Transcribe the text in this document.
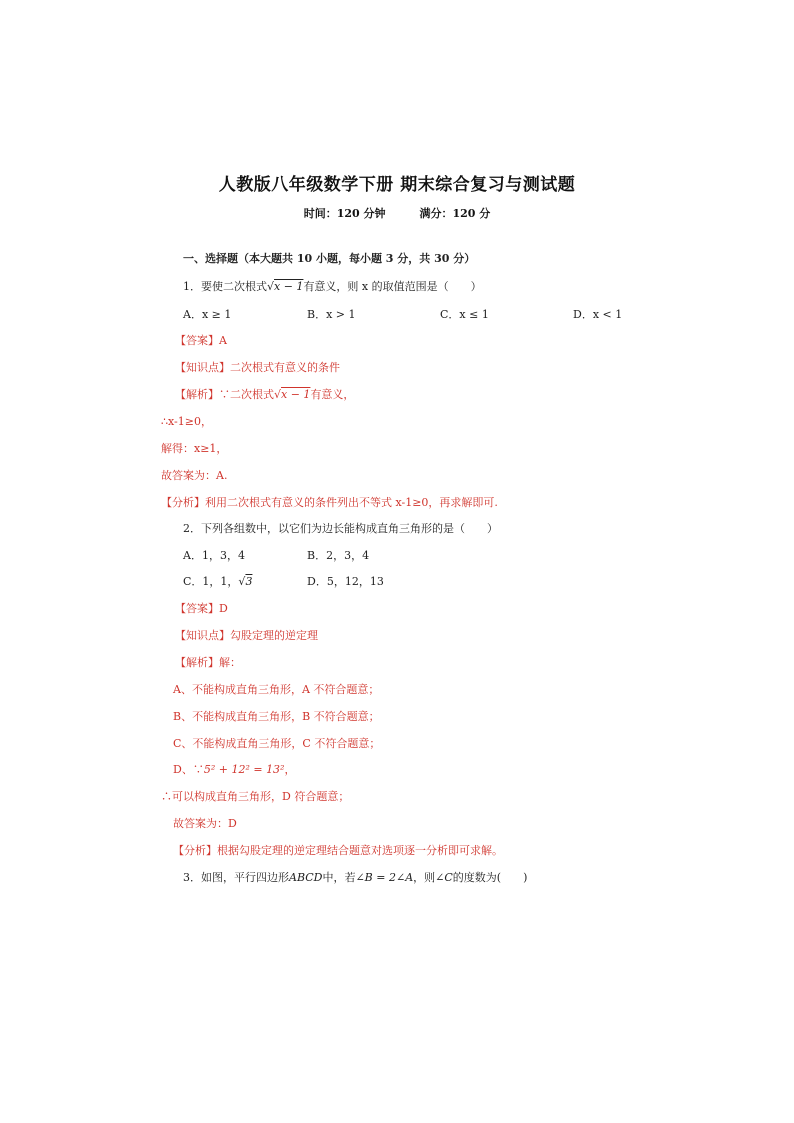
人教版八年级数学下册 期末综合复习与测试题
时间：120 分钟	满分：120 分
一、选择题（本大题共 10 小题，每小题 3 分，共 30 分）
1．要使二次根式√x − 1有意义，则 x 的取值范围是（　　）
A．x ≥ 1	B．x > 1	C．x ≤ 1	D．x < 1
【答案】A
【知识点】二次根式有意义的条件
【解析】∵二次根式√x − 1有意义，
∴x-1≥0，
解得：x≥1，
故答案为：A.
【分析】利用二次根式有意义的条件列出不等式 x-1≥0，再求解即可.
2．下列各组数中，以它们为边长能构成直角三角形的是（　　）
A．1，3，4	B．2，3，4
C．1，1，√3	D．5，12，13
【答案】D
【知识点】勾股定理的逆定理
【解析】解：
A、不能构成直角三角形，A 不符合题意；
B、不能构成直角三角形，B 不符合题意；
C、不能构成直角三角形，C 不符合题意；
D、∵5² + 12² = 13²，
∴可以构成直角三角形，D 符合题意；
故答案为：D
【分析】根据勾股定理的逆定理结合题意对选项逐一分析即可求解。
3．如图，平行四边形ABCD中，若∠B = 2∠A，则∠C的度数为(　　)
